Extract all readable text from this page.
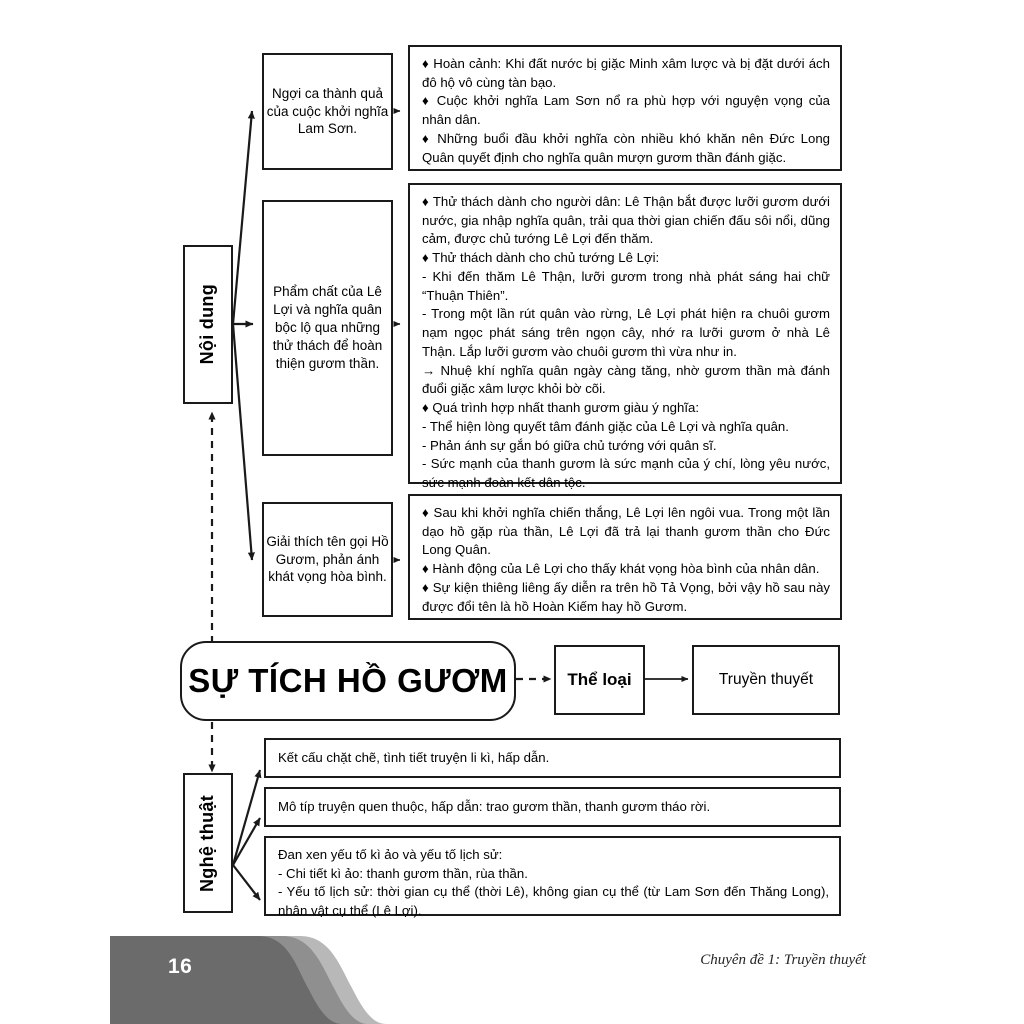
Nội dung
Ngợi ca thành quả của cuộc khởi nghĩa Lam Sơn.
Phẩm chất của Lê Lợi và nghĩa quân bộc lộ qua những thử thách để hoàn thiện gươm thần.
Giải thích tên gọi Hồ Gươm, phản ánh khát vọng hòa bình.

♦ Hoàn cảnh: Khi đất nước bị giặc Minh xâm lược và bị đặt dưới ách đô hộ vô cùng tàn bạo.

♦ Cuộc khởi nghĩa Lam Sơn nổ ra phù hợp với nguyện vọng của nhân dân.

♦ Những buổi đầu khởi nghĩa còn nhiều khó khăn nên Đức Long Quân quyết định cho nghĩa quân mượn gươm thần đánh giặc.

♦ Thử thách dành cho người dân: Lê Thận bắt được lưỡi gươm dưới nước, gia nhập nghĩa quân, trải qua thời gian chiến đấu sôi nổi, dũng cảm, được chủ tướng Lê Lợi đến thăm.

♦ Thử thách dành cho chủ tướng Lê Lợi:

- Khi đến thăm Lê Thận, lưỡi gươm trong nhà phát sáng hai chữ “Thuận Thiên”.

- Trong một lần rút quân vào rừng, Lê Lợi phát hiện ra chuôi gươm nạm ngọc phát sáng trên ngọn cây, nhớ ra lưỡi gươm ở nhà Lê Thận. Lắp lưỡi gươm vào chuôi gươm thì vừa như in.

→ Nhuệ khí nghĩa quân ngày càng tăng, nhờ gươm thần mà đánh đuổi giặc xâm lược khỏi bờ cõi.

♦ Quá trình hợp nhất thanh gươm giàu ý nghĩa:

- Thể hiện lòng quyết tâm đánh giặc của Lê Lợi và nghĩa quân.

- Phản ánh sự gắn bó giữa chủ tướng với quân sĩ.

- Sức mạnh của thanh gươm là sức mạnh của ý chí, lòng yêu nước, sức mạnh đoàn kết dân tộc.

♦ Sau khi khởi nghĩa chiến thắng, Lê Lợi lên ngôi vua. Trong một lần dạo hồ gặp rùa thần, Lê Lợi đã trả lại thanh gươm thần cho Đức Long Quân.

♦ Hành động của Lê Lợi cho thấy khát vọng hòa bình của nhân dân.

♦ Sự kiện thiêng liêng ấy diễn ra trên hồ Tả Vọng, bởi vậy hồ sau này được đổi tên là hồ Hoàn Kiếm hay hồ Gươm.

SỰ TÍCH HỒ GƯƠM	Thể loại	Truyền thuyết
Nghệ thuật

Kết cấu chặt chẽ, tình tiết truyện li kì, hấp dẫn.

Mô típ truyện quen thuộc, hấp dẫn: trao gươm thần, thanh gươm tháo rời.

Đan xen yếu tố kì ảo và yếu tố lịch sử:

- Chi tiết kì ảo: thanh gươm thần, rùa thần.

- Yếu tố lịch sử: thời gian cụ thể (thời Lê), không gian cụ thể (từ Lam Sơn đến Thăng Long), nhân vật cụ thể (Lê Lợi).

16	Chuyên đề 1: Truyền thuyết
